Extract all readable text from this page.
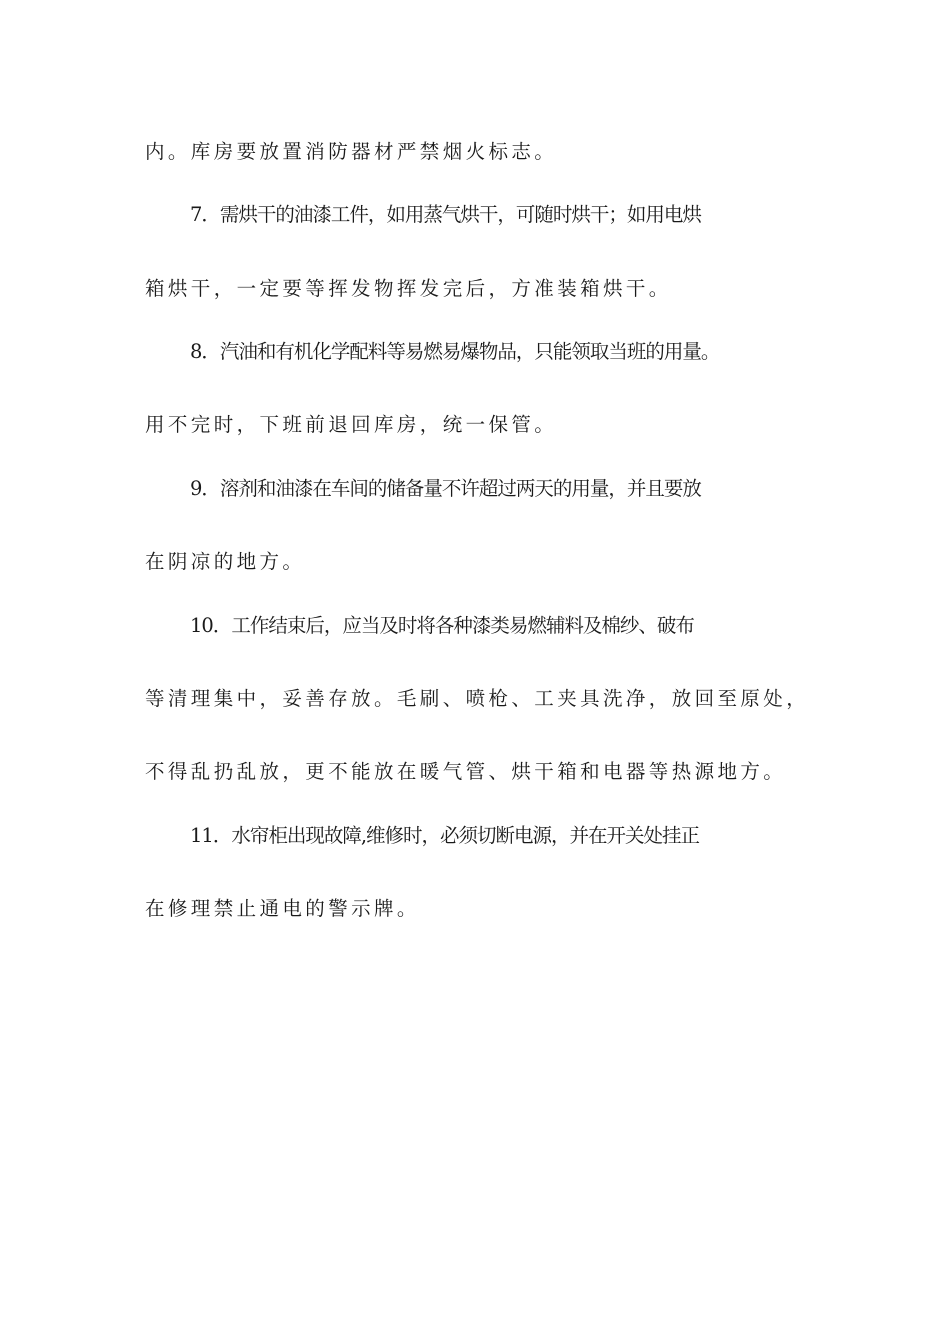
内。库房要放置消防器材严禁烟火标志。
7．需烘干的油漆工件，如用蒸气烘干，可随时烘干；如用电烘
箱烘干，一定要等挥发物挥发完后，方准装箱烘干。
8．汽油和有机化学配料等易燃易爆物品，只能领取当班的用量。
用不完时，下班前退回库房，统一保管。
9．溶剂和油漆在车间的储备量不许超过两天的用量，并且要放
在阴凉的地方。
10．工作结束后，应当及时将各种漆类易燃辅料及棉纱、破布
等清理集中，妥善存放。毛刷、喷枪、工夹具洗净，放回至原处，
不得乱扔乱放，更不能放在暖气管、烘干箱和电器等热源地方。
11．水帘柜出现故障,维修时，必须切断电源，并在开关处挂正
在修理禁止通电的警示牌。
